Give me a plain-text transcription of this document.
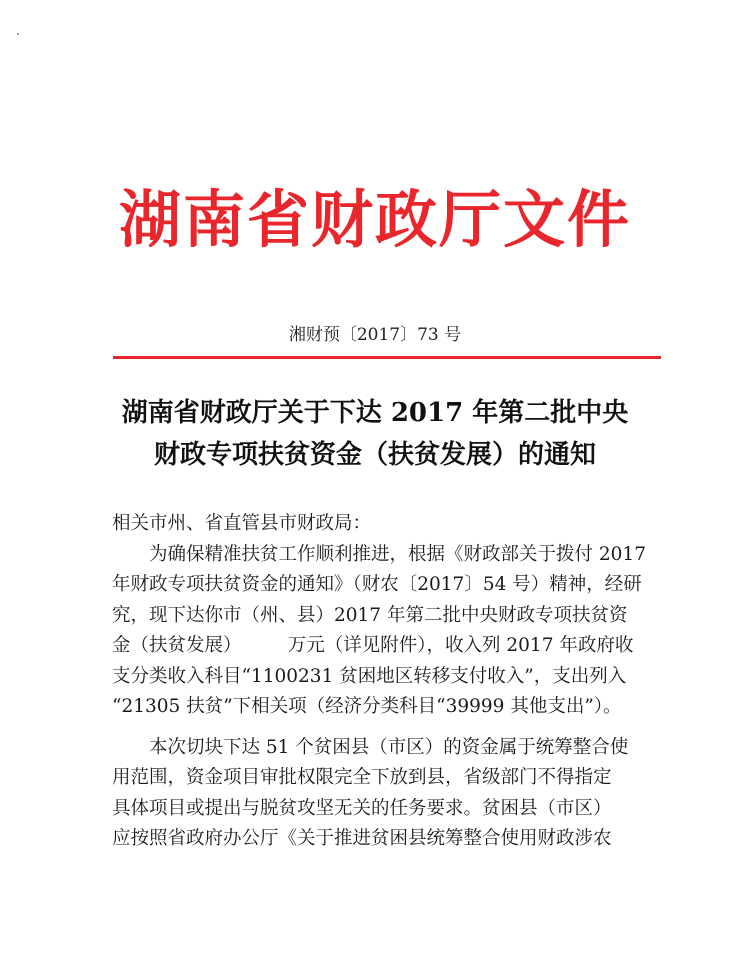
湖南省财政厅文件
湘财预〔2017〕73 号
湖南省财政厅关于下达 2017 年第二批中央
财政专项扶贫资金（扶贫发展）的通知
相关市州、省直管县市财政局：
为确保精准扶贫工作顺利推进，根据《财政部关于拨付 2017
年财政专项扶贫资金的通知》（财农〔2017〕54 号）精神，经研
究，现下达你市（州、县）2017 年第二批中央财政专项扶贫资
金（扶贫发展）　　　万元（详见附件），收入列 2017 年政府收
支分类收入科目“1100231 贫困地区转移支付收入”，支出列入
“21305 扶贫”下相关项（经济分类科目“39999 其他支出”）。
本次切块下达 51 个贫困县（市区）的资金属于统筹整合使
用范围，资金项目审批权限完全下放到县，省级部门不得指定
具体项目或提出与脱贫攻坚无关的任务要求。贫困县（市区）
应按照省政府办公厅《关于推进贫困县统筹整合使用财政涉农
